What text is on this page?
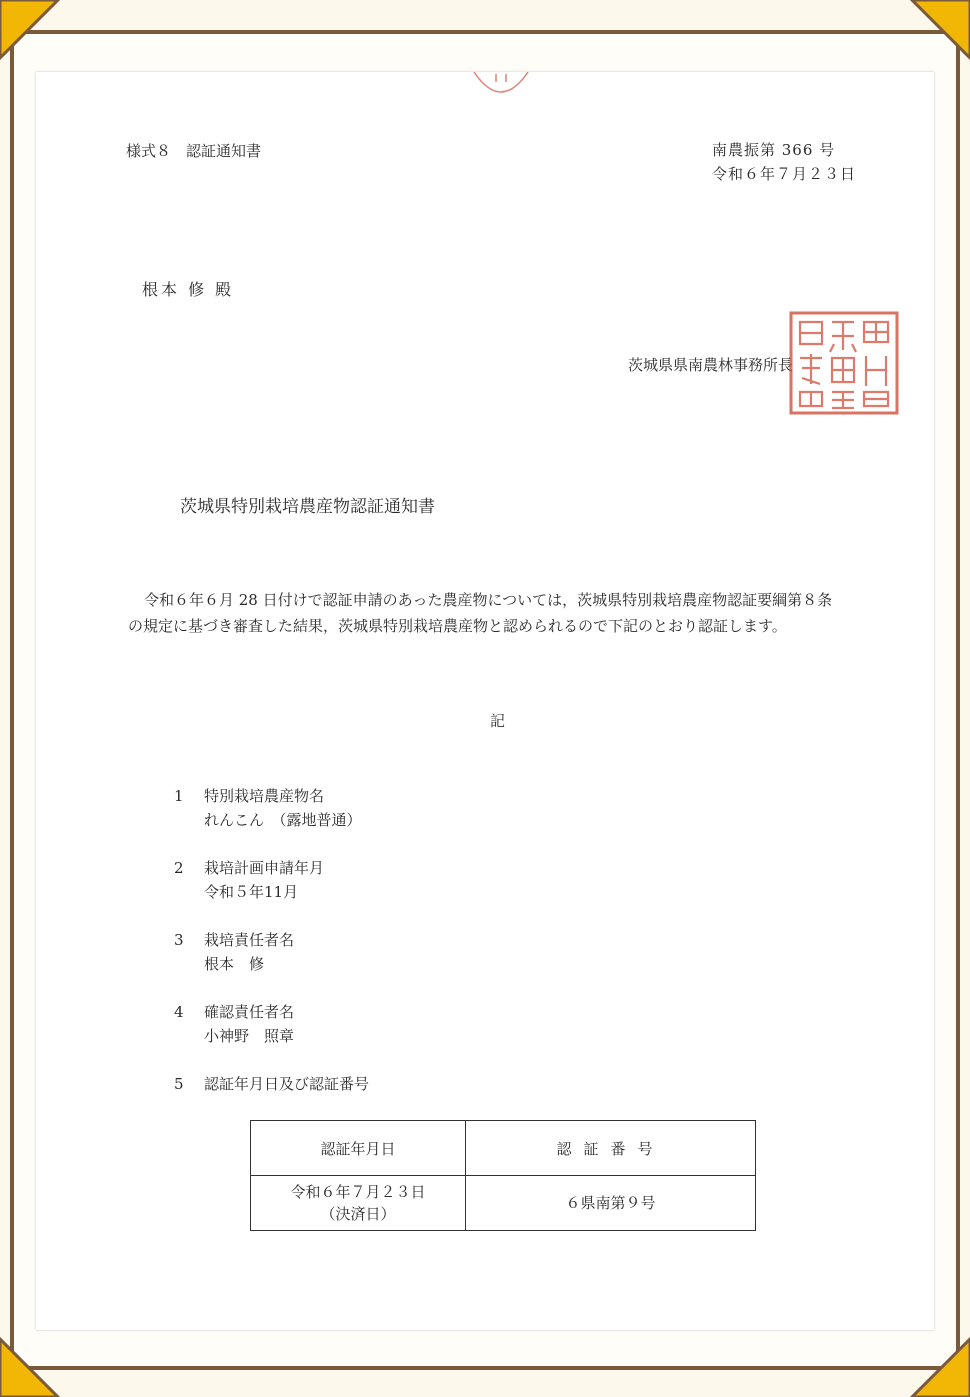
様式８　認証通知書	南農振第 366 号
令和６年７月２３日
根本 修 殿
茨城県県南農林事務所長
茨城県特別栽培農産物認証通知書

令和６年６月 28 日付けで認証申請のあった農産物については，茨城県特別栽培農産物認証要綱第８条

の規定に基づき審査した結果，茨城県特別栽培農産物と認められるので下記のとおり認証します。

記
1 特別栽培農産物名
れんこん　（露地普通）
2 栽培計画申請年月
令和５年11月
3 栽培責任者名
根本　修
4 確認責任者名
小神野　照章
5 認証年月日及び認証番号
認証年月日	認証番号

令和６年７月２３日
（決済日）	６県南第９号
